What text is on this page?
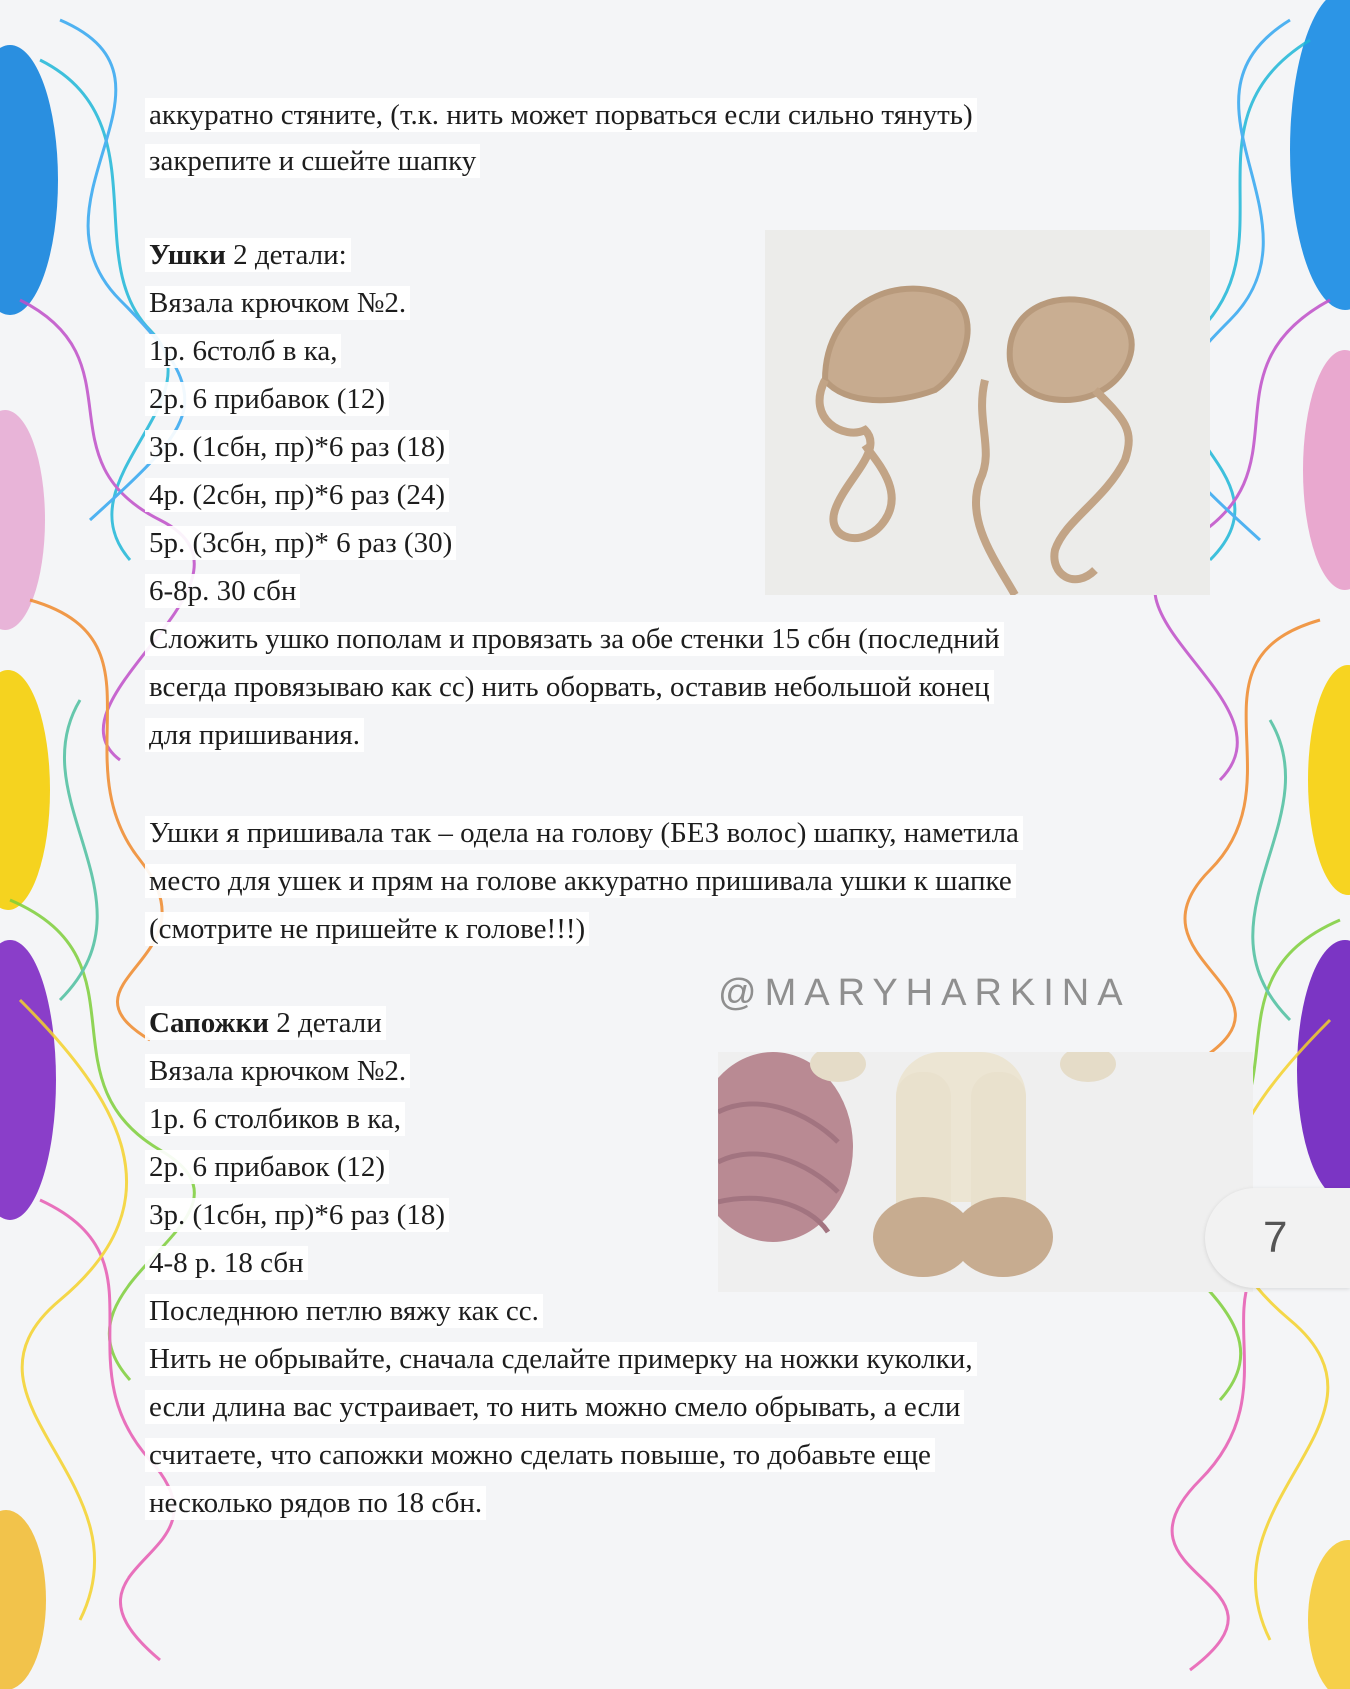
аккуратно стяните, (т.к. нить может порваться если сильно тянуть)
закрепите и сшейте шапку
Ушки 2 детали:
Вязала крючком №2.
1р. 6столб в ка,
2р. 6 прибавок (12)
3р. (1сбн, пр)*6 раз (18)
4р. (2сбн, пр)*6 раз (24)
5р. (3сбн, пр)* 6 раз (30)
6-8р. 30 сбн
Сложить ушко пополам и провязать за обе стенки 15 сбн (последний
всегда провязываю как сс) нить оборвать, оставив небольшой конец
для пришивания.
Ушки я пришивала так – одела на голову (БЕЗ волос) шапку, наметила
место для ушек и прям на голове аккуратно пришивала ушки к шапке
(смотрите не пришейте к голове!!!)
@MARYHARKINA
Сапожки 2 детали
Вязала крючком №2.
1р. 6 столбиков в ка,
2р. 6 прибавок (12)
3р. (1сбн, пр)*6 раз (18)
4-8 р. 18 сбн
Последнюю петлю вяжу как сс.
Нить не обрывайте, сначала сделайте примерку на ножки куколки,
если длина вас устраивает, то нить можно смело обрывать, а если
считаете, что сапожки можно сделать повыше, то добавьте еще
несколько рядов по 18 сбн.
7
